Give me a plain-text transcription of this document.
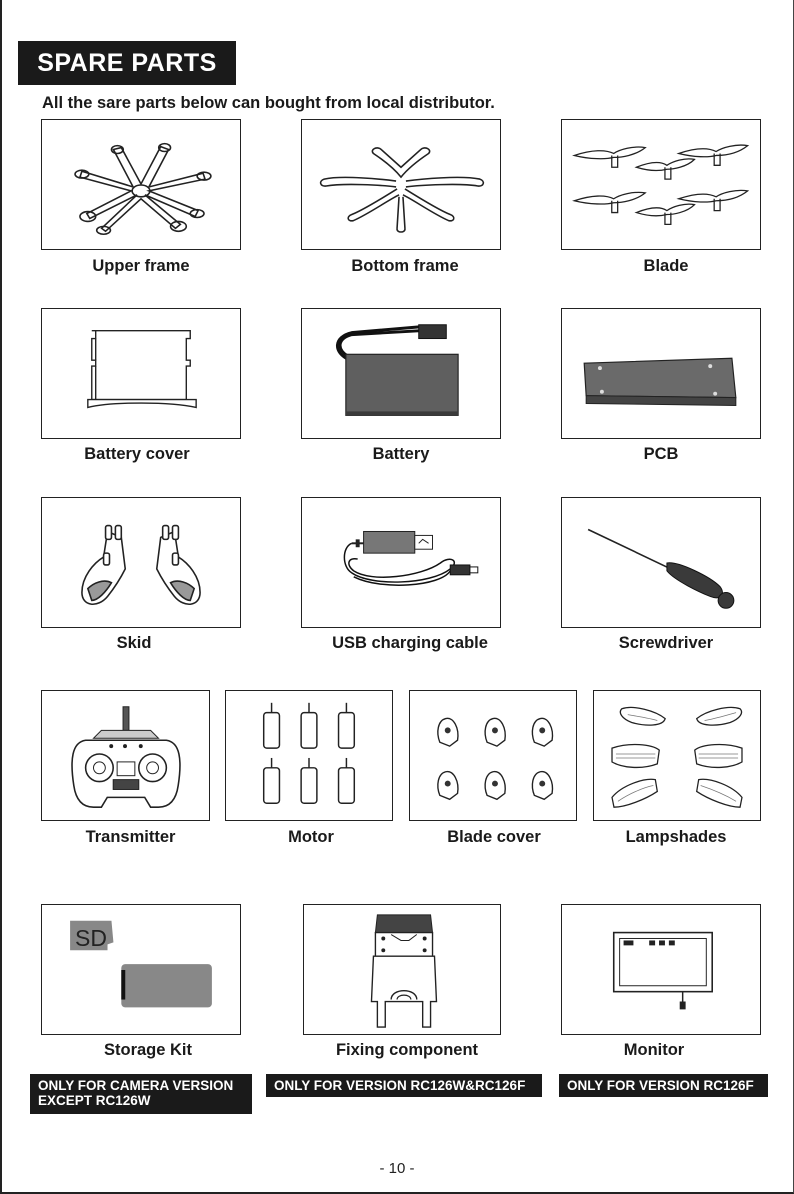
SPARE PARTS
All the sare parts below can bought from local distributor.
Upper frame	Bottom frame	Blade
Battery cover	Battery	PCB
Skid	USB charging cable	Screwdriver
Transmitter	Motor	Blade cover	Lampshades
SD
Storage Kit	Fixing component	Monitor
ONLY FOR CAMERA VERSION
EXCEPT RC126W
ONLY FOR VERSION RC126W&RC126F	ONLY FOR VERSION RC126F
- 10 -
